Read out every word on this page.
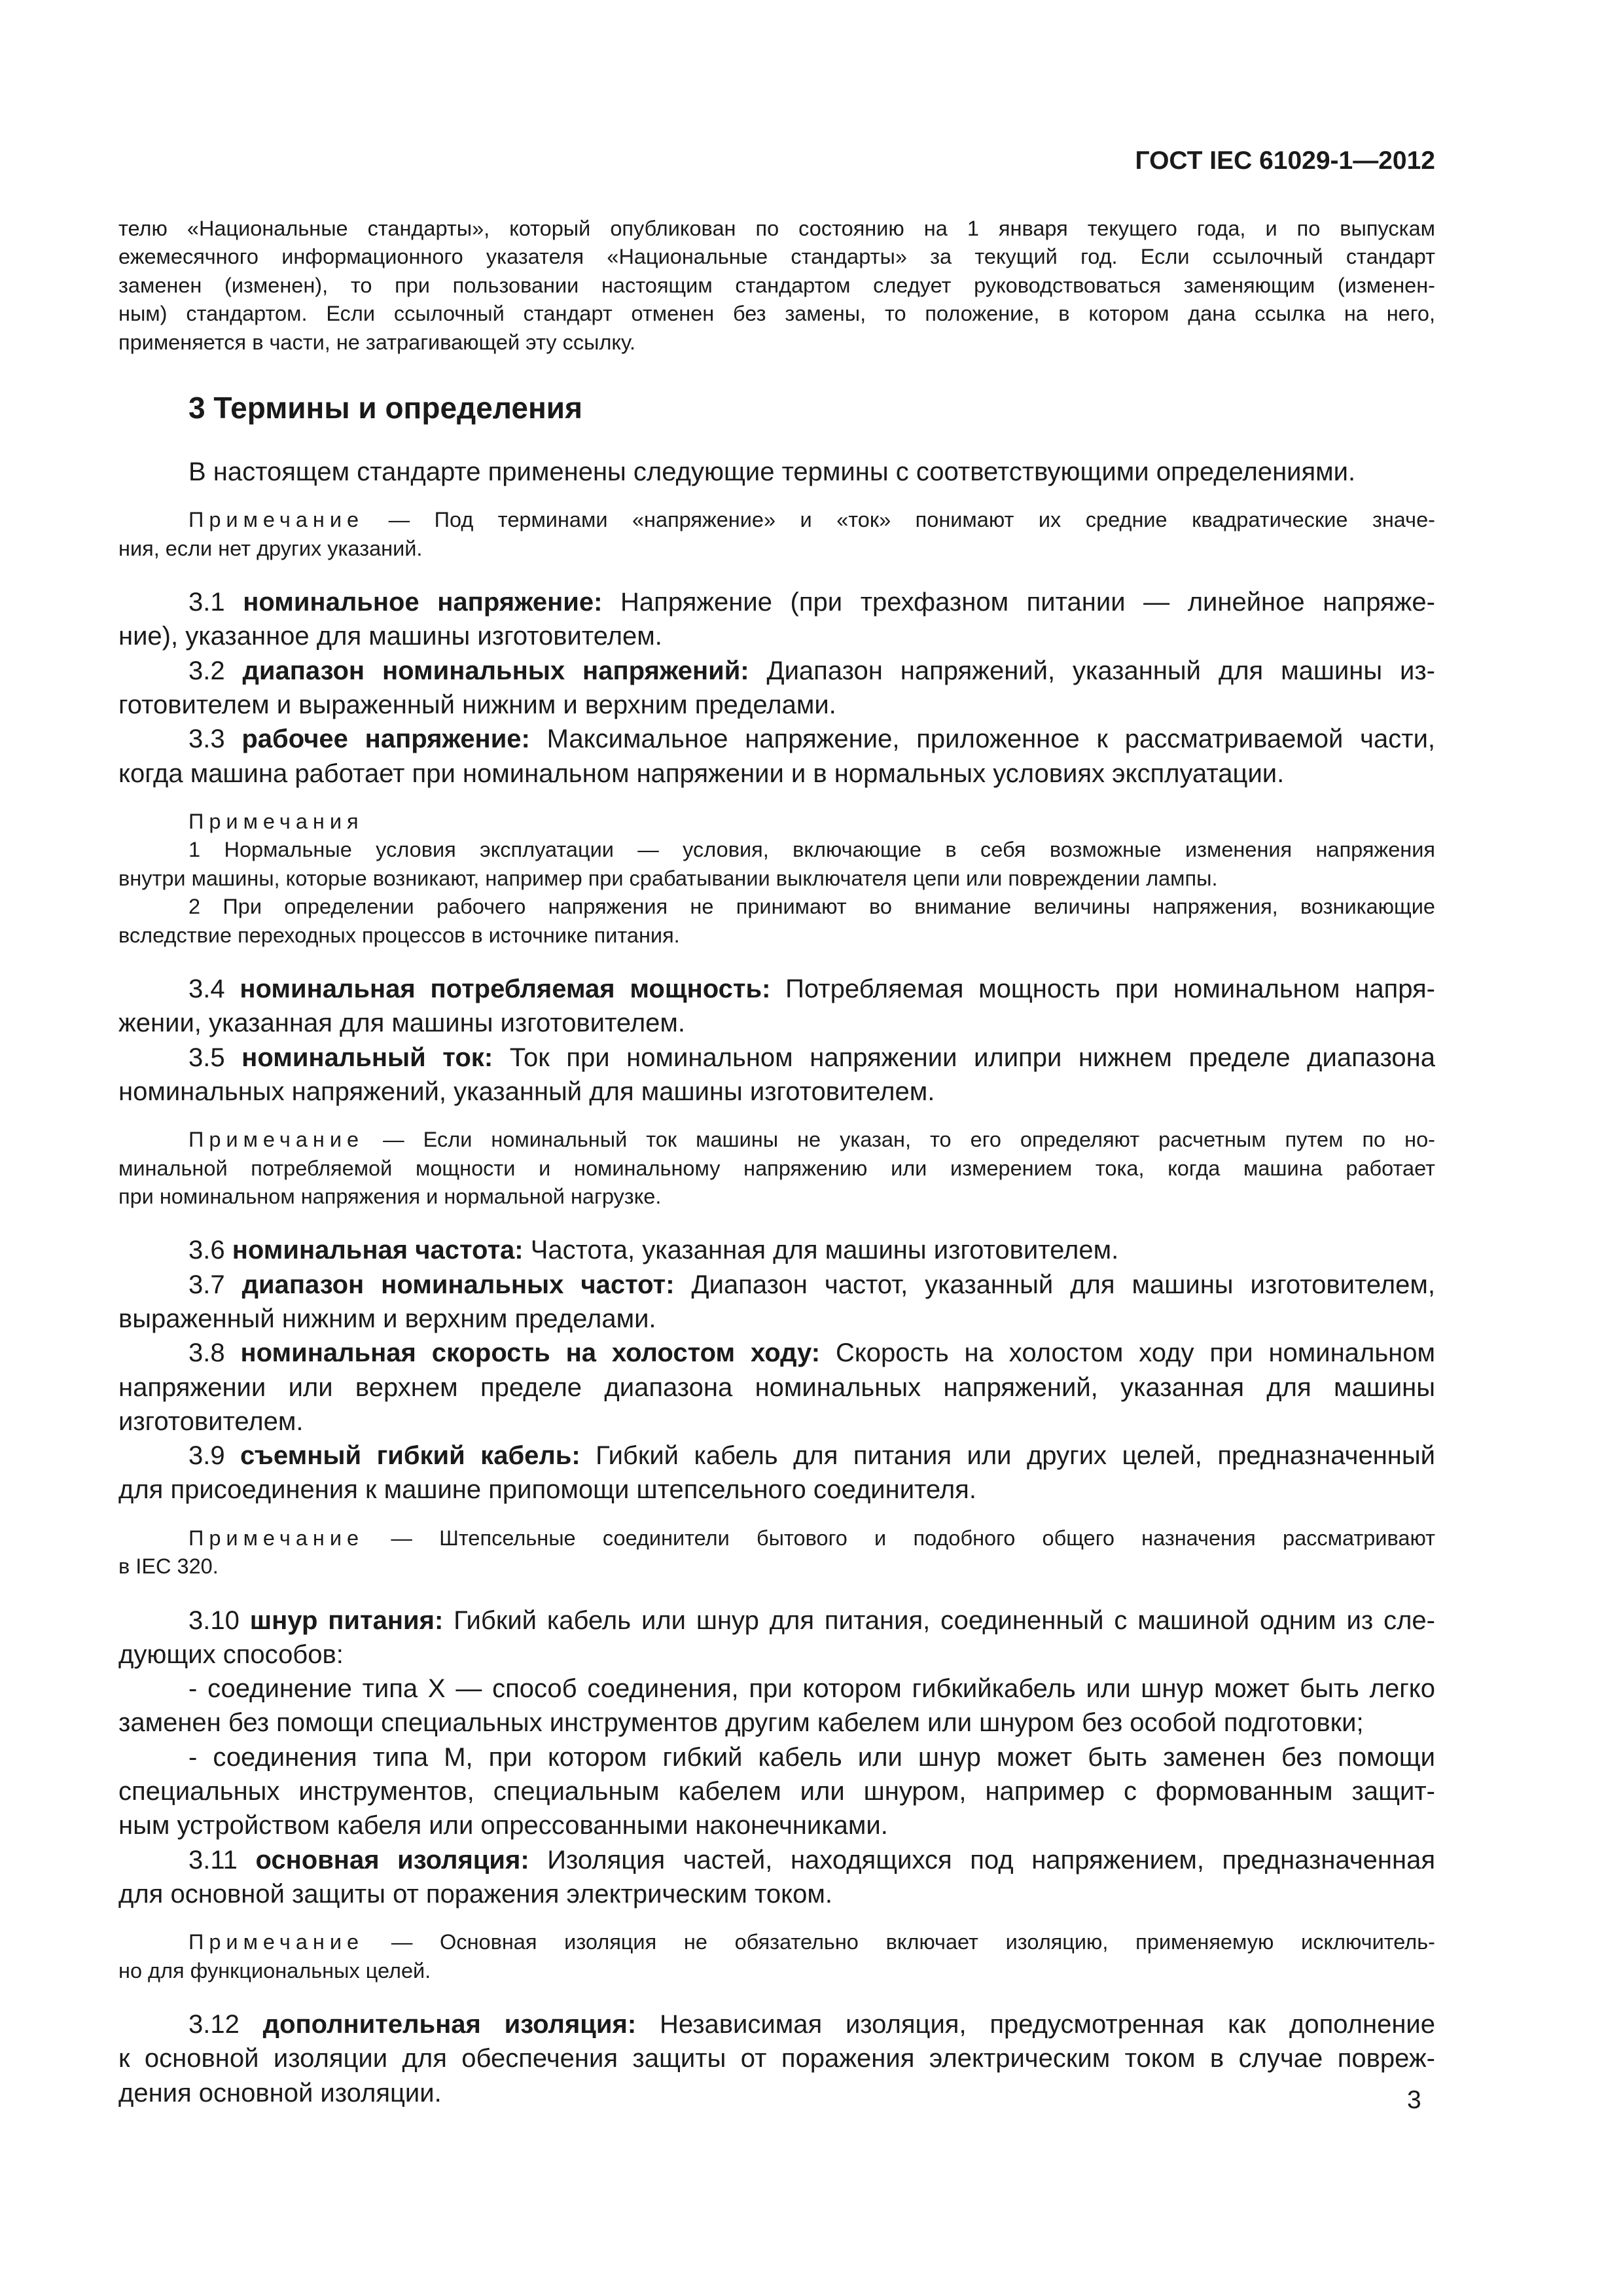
ГОСТ IEC 61029-1—2012
телю «Национальные стандарты», который опубликован по состоянию на 1 января текущего года, и по выпускам
ежемесячного информационного указателя «Национальные стандарты» за текущий год. Если ссылочный стандарт
заменен (изменен), то при пользовании настоящим стандартом следует руководствоваться заменяющим (изменен-
ным) стандартом. Если ссылочный стандарт отменен без замены, то положение, в котором дана ссылка на него,
применяется в части, не затрагивающей эту ссылку.
3 Термины и определения
В настоящем стандарте применены следующие термины с соответствующими определениями.
Примечание — Под терминами «напряжение» и «ток» понимают их средние квадратические значе-
ния, если нет других указаний.
3.1 номинальное напряжение: Напряжение (при трехфазном питании — линейное напряже-
ние), указанное для машины изготовителем.
3.2 диапазон номинальных напряжений: Диапазон напряжений, указанный для машины из-
готовителем и выраженный нижним и верхним пределами.
3.3 рабочее напряжение: Максимальное напряжение, приложенное к рассматриваемой части,
когда машина работает при номинальном напряжении и в нормальных условиях эксплуатации.
Примечания
1 Нормальные условия эксплуатации — условия, включающие в себя возможные изменения напряжения
внутри машины, которые возникают, например при срабатывании выключателя цепи или повреждении лампы.
2 При определении рабочего напряжения не принимают во внимание величины напряжения, возникающие
вследствие переходных процессов в источнике питания.
3.4 номинальная потребляемая мощность: Потребляемая мощность при номинальном напря-
жении, указанная для машины изготовителем.
3.5 номинальный ток: Ток при номинальном напряжении илипри нижнем пределе диапазона
номинальных напряжений, указанный для машины изготовителем.
Примечание — Если номинальный ток машины не указан, то его определяют расчетным путем по но-
минальной потребляемой мощности и номинальному напряжению или измерением тока, когда машина работает
при номинальном напряжения и нормальной нагрузке.
3.6 номинальная частота: Частота, указанная для машины изготовителем.
3.7 диапазон номинальных частот: Диапазон частот, указанный для машины изготовителем,
выраженный нижним и верхним пределами.
3.8 номинальная скорость на холостом ходу: Скорость на холостом ходу при номинальном
напряжении или верхнем пределе диапазона номинальных напряжений, указанная для машины
изготовителем.
3.9 съемный гибкий кабель: Гибкий кабель для питания или других целей, предназначенный
для присоединения к машине припомощи штепсельного соединителя.
Примечание — Штепсельные соединители бытового и подобного общего назначения рассматривают
в IEC 320.
3.10 шнур питания: Гибкий кабель или шнур для питания, соединенный с машиной одним из сле-
дующих способов:
- соединение типа X — способ соединения, при котором гибкийкабель или шнур может быть легко
заменен без помощи специальных инструментов другим кабелем или шнуром без особой подготовки;
- соединения типа M, при котором гибкий кабель или шнур может быть заменен без помощи
специальных инструментов, специальным кабелем или шнуром, например с формованным защит-
ным устройством кабеля или опрессованными наконечниками.
3.11 основная изоляция: Изоляция частей, находящихся под напряжением, предназначенная
для основной защиты от поражения электрическим током.
Примечание — Основная изоляция не обязательно включает изоляцию, применяемую исключитель-
но для функциональных целей.
3.12 дополнительная изоляция: Независимая изоляция, предусмотренная как дополнение
к основной изоляции для обеспечения защиты от поражения электрическим током в случае повреж-
дения основной изоляции.	3
